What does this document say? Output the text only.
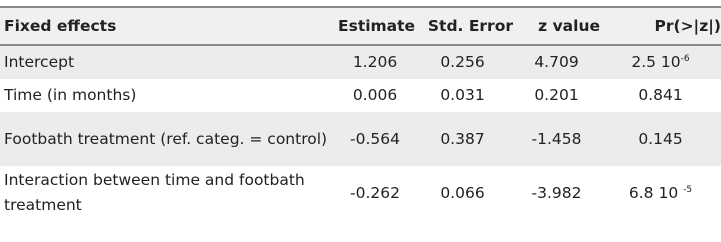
Fixed effects	Estimate	Std. Error	z value	Pr(>|z|)
Intercept	1.206	0.256	4.709	2.5 $10^{-6}$
Time (in months)	0.006	0.031	0.201	0.841
Footbath treatment (ref. categ. = control)	-0.564	0.387	-1.458	0.145
Interaction between time and footbath treatment	-0.262	0.066	-3.982	6.8 10 $^{-5}$
